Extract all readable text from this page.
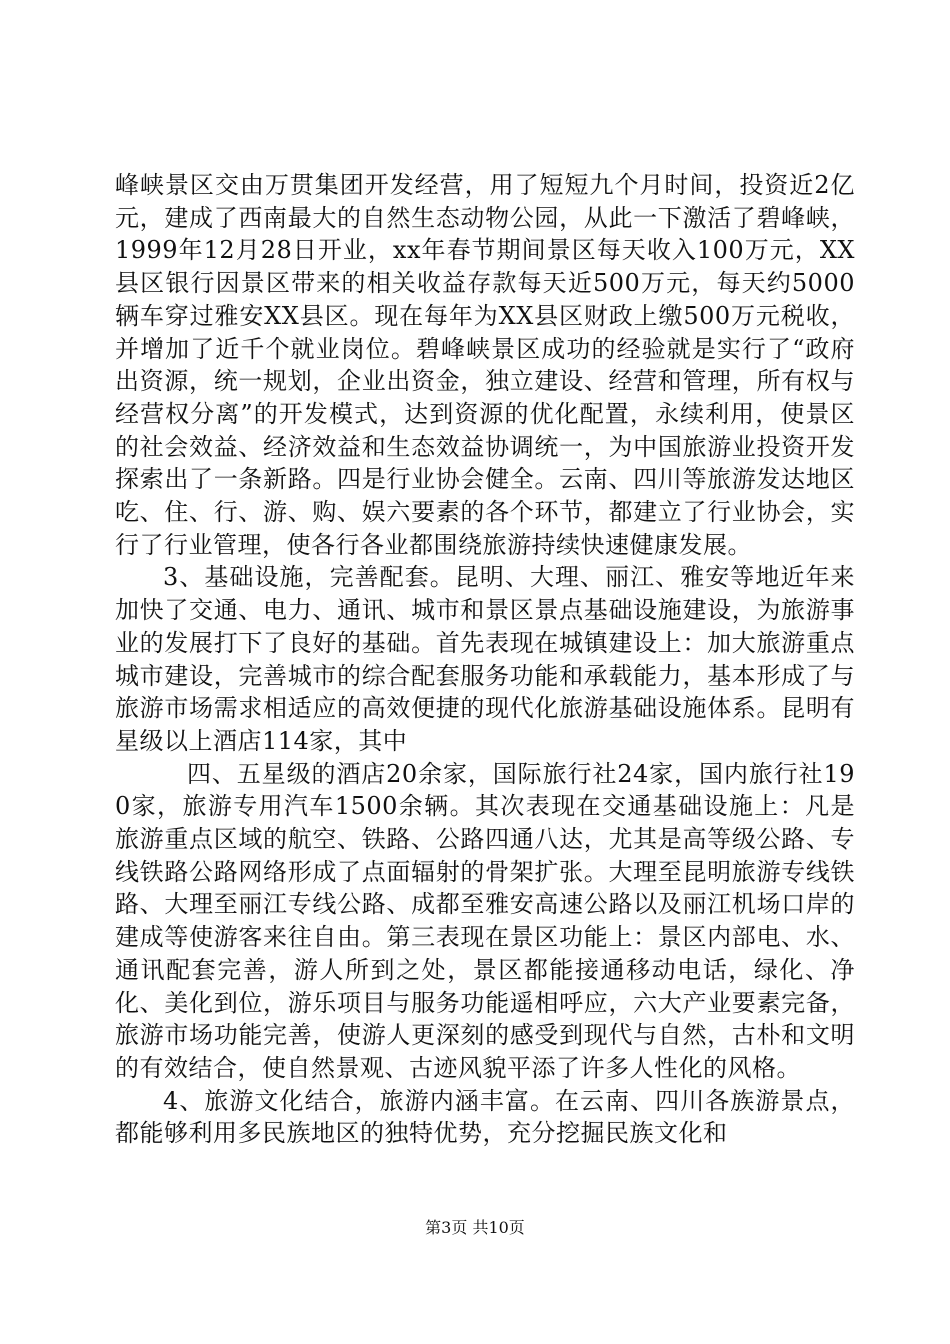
峰峡景区交由万贯集团开发经营，用了短短九个月时间，投资近2亿元，建成了西南最大的自然生态动物公园，从此一下激活了碧峰峡，1999年12月28日开业，xx年春节期间景区每天收入100万元，XX县区银行因景区带来的相关收益存款每天近500万元，每天约5000辆车穿过雅安XX县区。现在每年为XX县区财政上缴500万元税收，并增加了近千个就业岗位。碧峰峡景区成功的经验就是实行了“政府出资源，统一规划，企业出资金，独立建设、经营和管理，所有权与经营权分离”的开发模式，达到资源的优化配置，永续利用，使景区的社会效益、经济效益和生态效益协调统一，为中国旅游业投资开发探索出了一条新路。四是行业协会健全。云南、四川等旅游发达地区吃、住、行、游、购、娱六要素的各个环节，都建立了行业协会，实行了行业管理，使各行各业都围绕旅游持续快速健康发展。

3、基础设施，完善配套。昆明、大理、丽江、雅安等地近年来加快了交通、电力、通讯、城市和景区景点基础设施建设，为旅游事业的发展打下了良好的基础。首先表现在城镇建设上：加大旅游重点城市建设，完善城市的综合配套服务功能和承载能力，基本形成了与旅游市场需求相适应的高效便捷的现代化旅游基础设施体系。昆明有星级以上酒店114家，其中

四、五星级的酒店20余家，国际旅行社24家，国内旅行社190家，旅游专用汽车1500余辆。其次表现在交通基础设施上：凡是旅游重点区域的航空、铁路、公路四通八达，尤其是高等级公路、专线铁路公路网络形成了点面辐射的骨架扩张。大理至昆明旅游专线铁路、大理至丽江专线公路、成都至雅安高速公路以及丽江机场口岸的建成等使游客来往自由。第三表现在景区功能上：景区内部电、水、通讯配套完善，游人所到之处，景区都能接通移动电话，绿化、净化、美化到位，游乐项目与服务功能遥相呼应，六大产业要素完备，旅游市场功能完善，使游人更深刻的感受到现代与自然，古朴和文明的有效结合，使自然景观、古迹风貌平添了许多人性化的风格。

4、旅游文化结合，旅游内涵丰富。在云南、四川各族游景点，都能够利用多民族地区的独特优势，充分挖掘民族文化和

第3页 共10页
